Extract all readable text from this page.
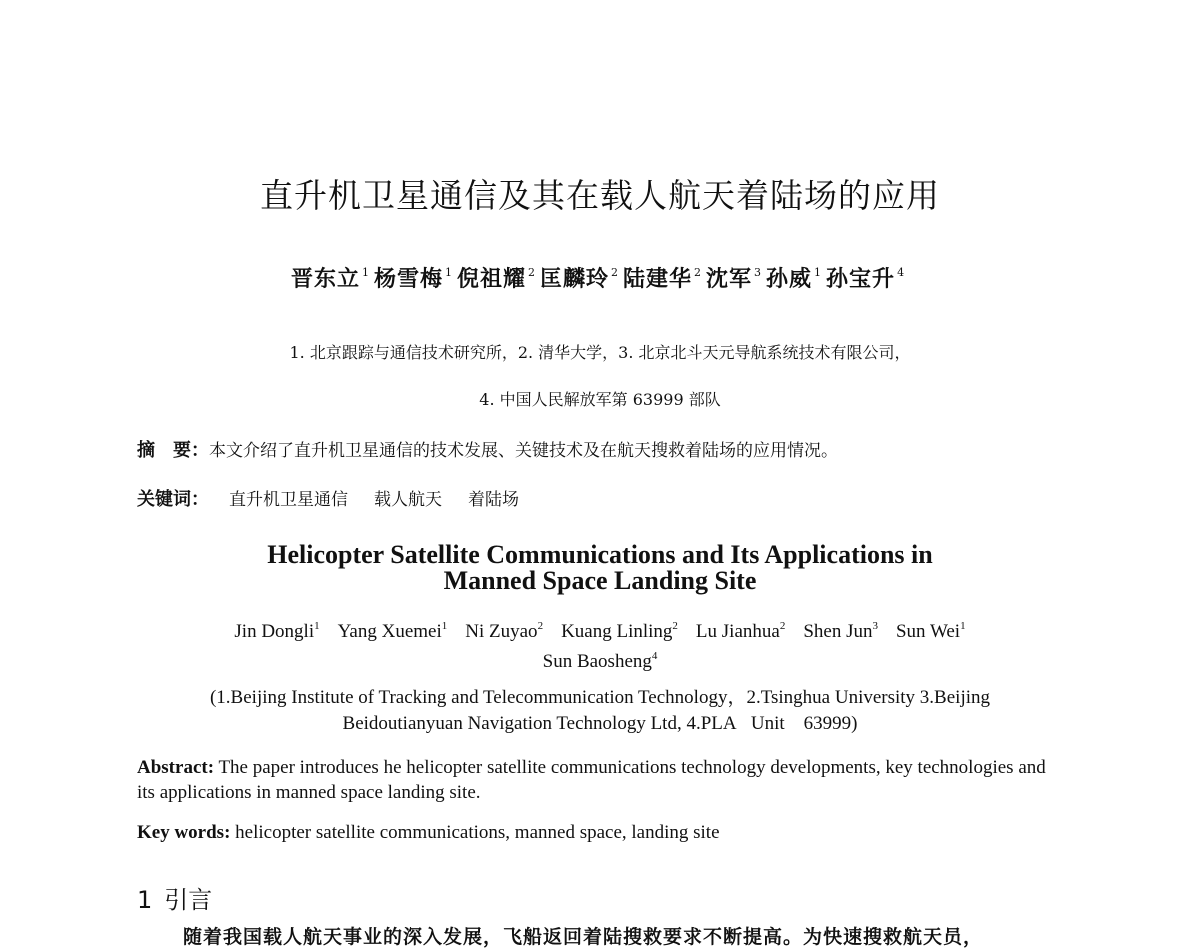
直升机卫星通信及其在载人航天着陆场的应用
晋东立 $^1$ 杨雪梅 $^1$ 倪祖耀 $^2$ 匡麟玲 $^2$ 陆建华 $^2$ 沈军 $^3$ 孙威 $^1$ 孙宝升 $^4$
1. 北京跟踪与通信技术研究所，2. 清华大学，3. 北京北斗天元导航系统技术有限公司，
4. 中国人民解放军第 63999 部队
摘　要：本文介绍了直升机卫星通信的技术发展、关键技术及在航天搜救着陆场的应用情况。
关键词： 直升机卫星通信 载人航天 着陆场
Helicopter Satellite Communications and Its Applications in
Manned Space Landing Site
Jin Dongli$^1$ Yang Xuemei$^1$ Ni Zuyao$^2$ Kuang Linling$^2$ Lu Jianhua$^2$ Shen Jun$^3$ Sun Wei$^1$
Sun Baosheng$^4$
(1.Beijing Institute of Tracking and Telecommunication Technology，2.Tsinghua University 3.Beijing
Beidoutianyuan Navigation Technology Ltd, 4.PLA   Unit    63999)
Abstract: The paper introduces he helicopter satellite communications technology developments, key technologies and its applications in manned space landing site.
Key words: helicopter satellite communications, manned space, landing site
1 引言
随着我国载人航天事业的深入发展，飞船返回着陆搜救要求不断提高。为快速搜救航天员，
